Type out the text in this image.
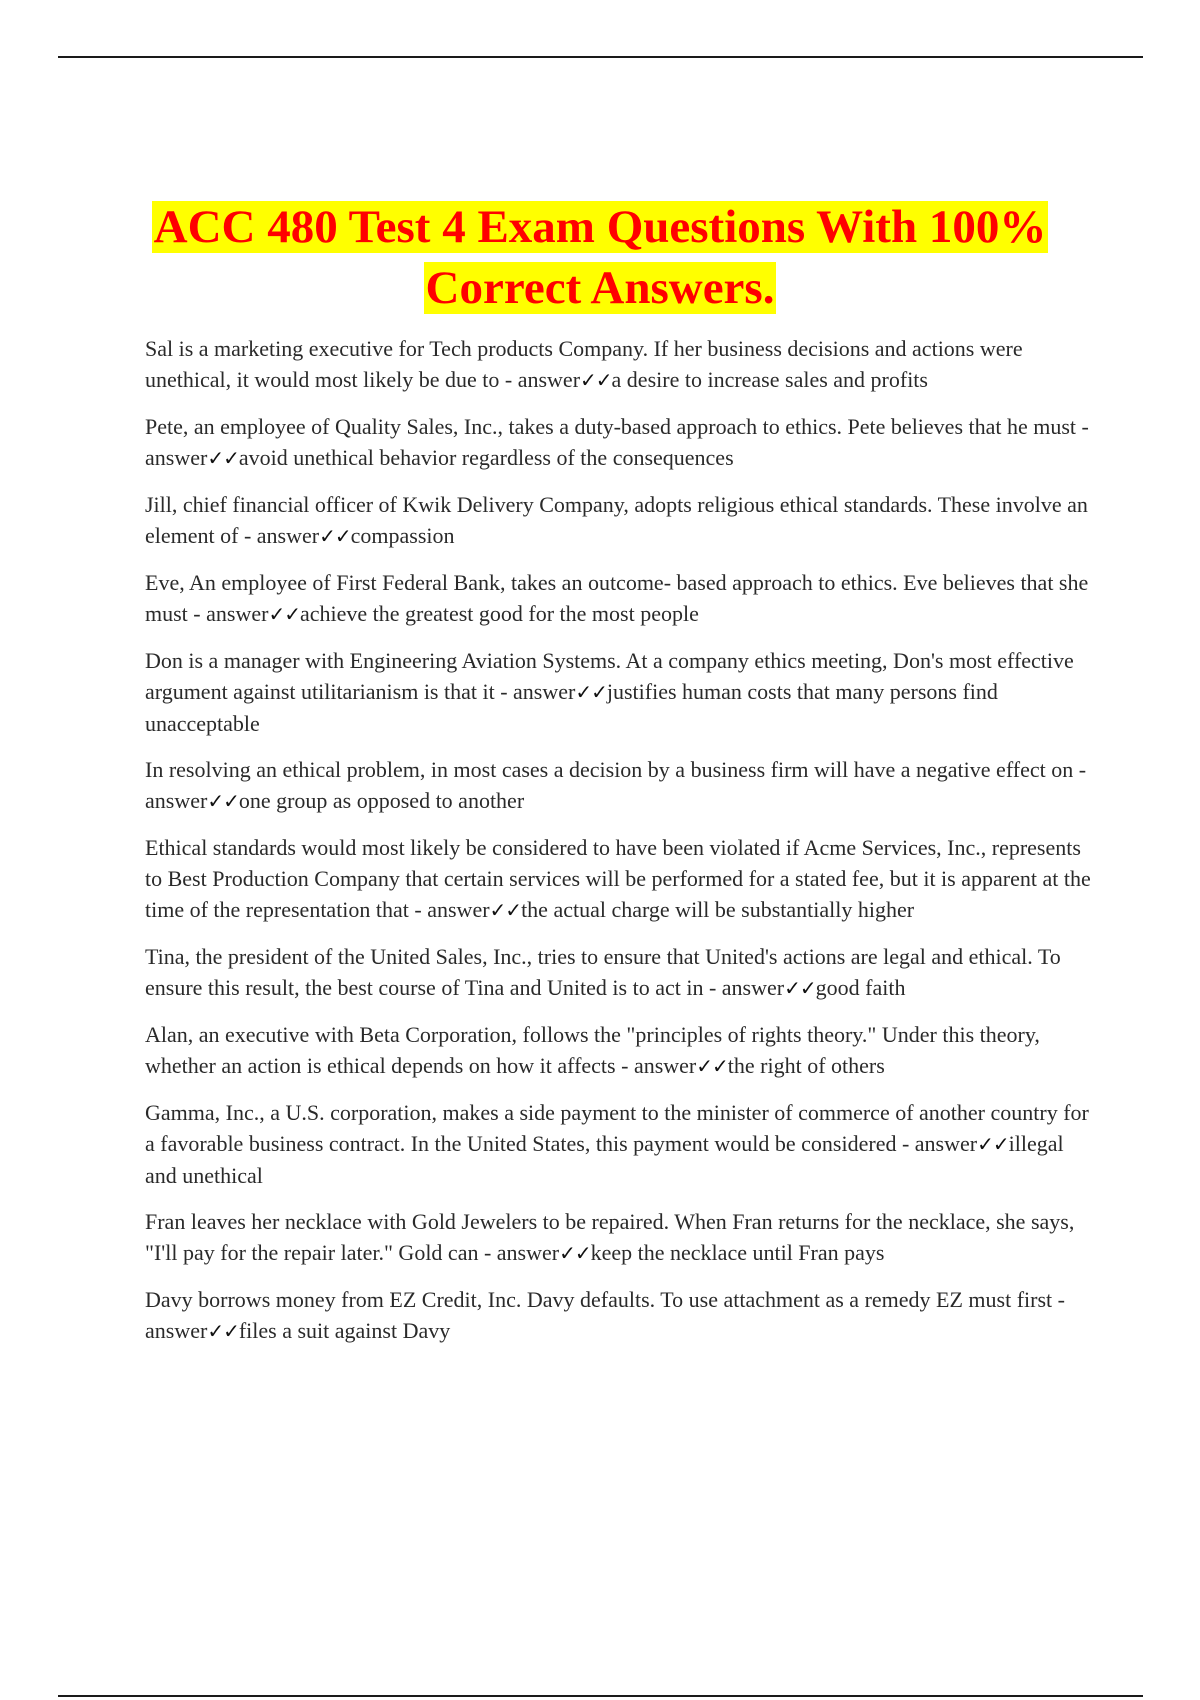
ACC 480 Test 4 Exam Questions With 100%
Correct Answers.
Sal is a marketing executive for Tech products Company. If her business decisions and actions were unethical, it would most likely be due to - answer✓✓a desire to increase sales and profits
Pete, an employee of Quality Sales, Inc., takes a duty-based approach to ethics. Pete believes that he must - answer✓✓avoid unethical behavior regardless of the consequences
Jill, chief financial officer of Kwik Delivery Company, adopts religious ethical standards. These involve an element of - answer✓✓compassion
Eve, An employee of First Federal Bank, takes an outcome- based approach to ethics. Eve believes that she must - answer✓✓achieve the greatest good for the most people
Don is a manager with Engineering Aviation Systems. At a company ethics meeting, Don's most effective argument against utilitarianism is that it - answer✓✓justifies human costs that many persons find unacceptable
In resolving an ethical problem, in most cases a decision by a business firm will have a negative effect on - answer✓✓one group as opposed to another
Ethical standards would most likely be considered to have been violated if Acme Services, Inc., represents to Best Production Company that certain services will be performed for a stated fee, but it is apparent at the time of the representation that - answer✓✓the actual charge will be substantially higher
Tina, the president of the United Sales, Inc., tries to ensure that United's actions are legal and ethical. To ensure this result, the best course of Tina and United is to act in - answer✓✓good faith
Alan, an executive with Beta Corporation, follows the "principles of rights theory." Under this theory, whether an action is ethical depends on how it affects - answer✓✓the right of others
Gamma, Inc., a U.S. corporation, makes a side payment to the minister of commerce of another country for a favorable business contract. In the United States, this payment would be considered - answer✓✓illegal and unethical
Fran leaves her necklace with Gold Jewelers to be repaired. When Fran returns for the necklace, she says, "I'll pay for the repair later." Gold can - answer✓✓keep the necklace until Fran pays
Davy borrows money from EZ Credit, Inc. Davy defaults. To use attachment as a remedy EZ must first - answer✓✓files a suit against Davy
